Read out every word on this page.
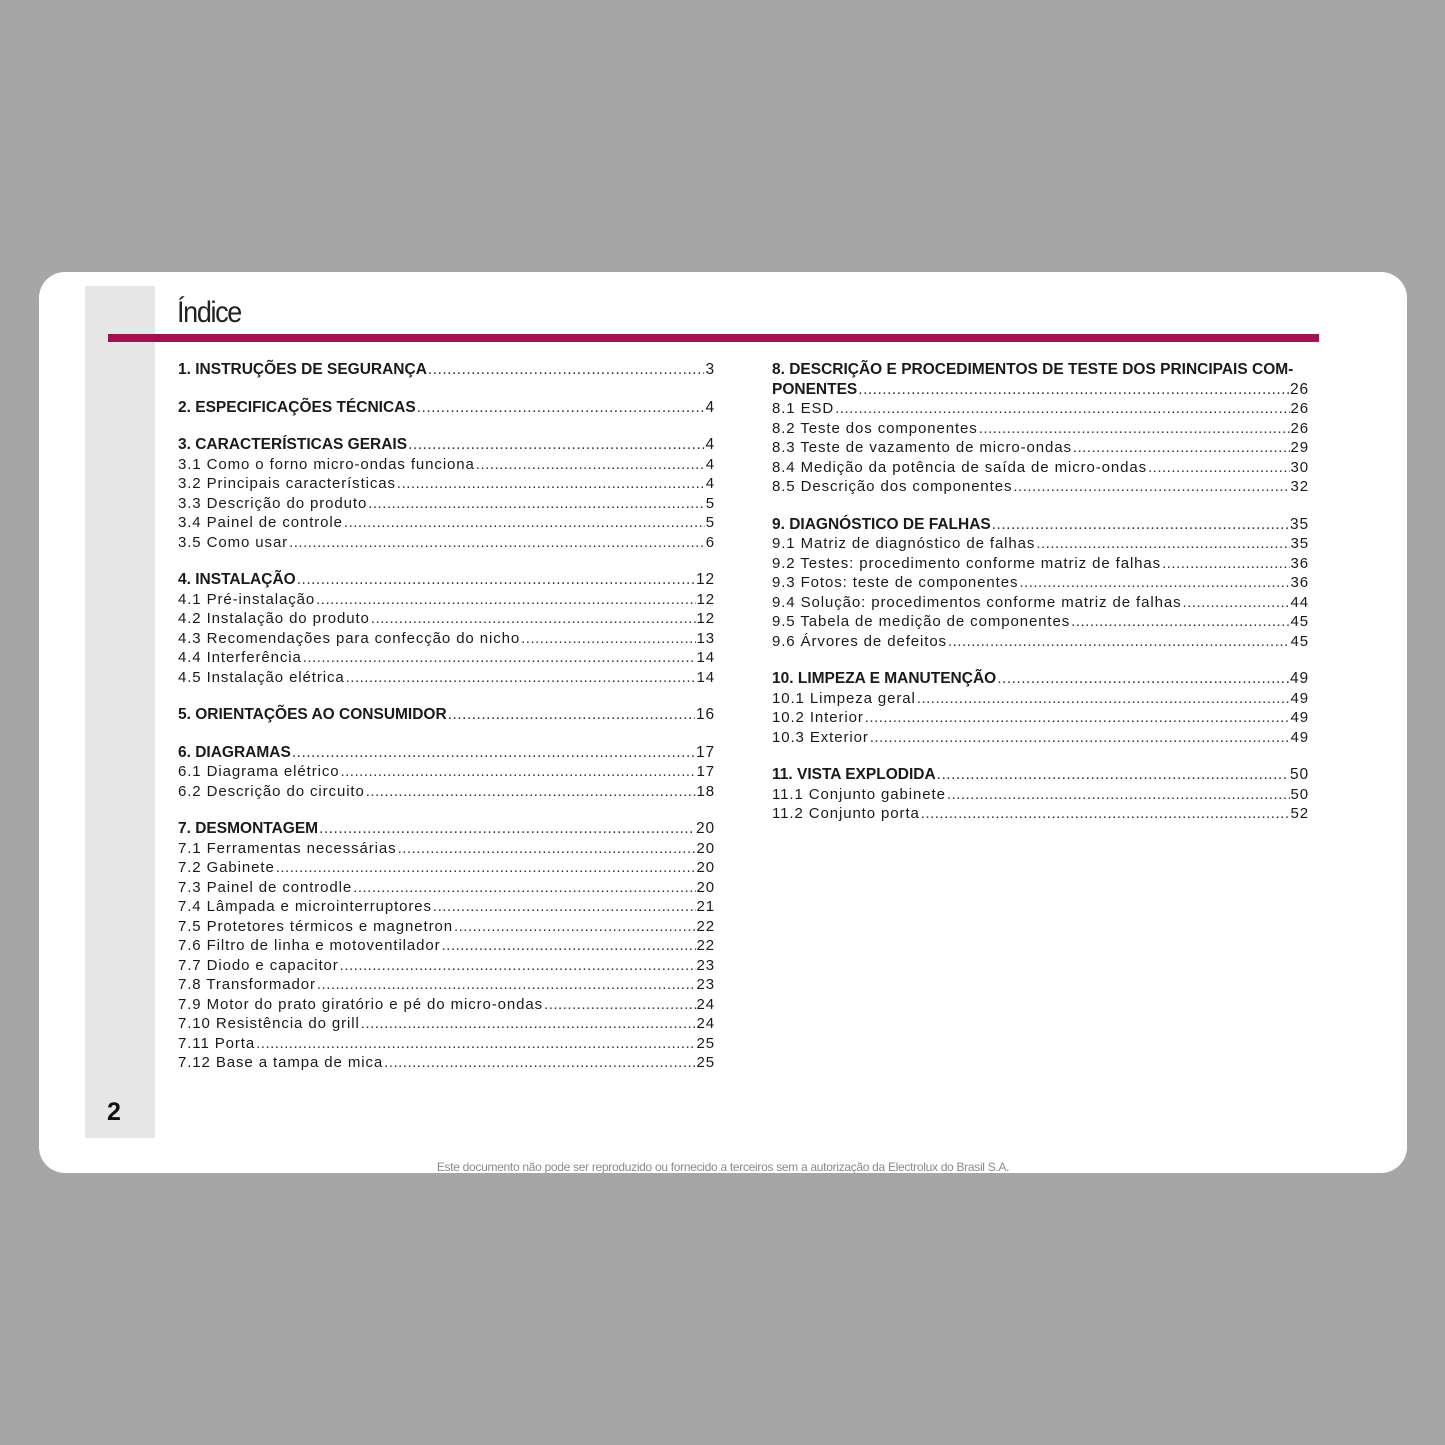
2
Índice
1. INSTRUÇÕES DE SEGURANÇA .....	3
2. ESPECIFICAÇÕES TÉCNICAS .....	4
3. CARACTERÍSTICAS GERAIS .....	4
3.1 Como o forno micro-ondas funciona .....	4
3.2 Principais características .....	4
3.3 Descrição do produto .....	5
3.4 Painel de controle .....	5
3.5 Como usar .....	6
4. INSTALAÇÃO .....	12
4.1 Pré-instalação .....	12
4.2 Instalação do produto .....	12
4.3 Recomendações para confecção do nicho .....	13
4.4 Interferência .....	14
4.5 Instalação elétrica .....	14
5. ORIENTAÇÕES AO CONSUMIDOR .....	16
6. DIAGRAMAS .....	17
6.1 Diagrama elétrico .....	17
6.2 Descrição do circuito .....	18
7. DESMONTAGEM .....	20
7.1 Ferramentas necessárias .....	20
7.2 Gabinete .....	20
7.3 Painel de controdle .....	20
7.4 Lâmpada e microinterruptores .....	21
7.5 Protetores térmicos e magnetron .....	22
7.6 Filtro de linha e motoventilador .....	22
7.7 Diodo e capacitor .....	23
7.8 Transformador .....	23
7.9 Motor do prato giratório e pé do micro-ondas .....	24
7.10 Resistência do grill .....	24
7.11 Porta .....	25
7.12 Base a tampa de mica .....	25
8. DESCRIÇÃO E PROCEDIMENTOS DE TESTE DOS PRINCIPAIS COM-
PONENTES .....	26
8.1 ESD .....	26
8.2 Teste dos componentes .....	26
8.3 Teste de vazamento de micro-ondas .....	29
8.4 Medição da potência de saída de micro-ondas .....	30
8.5 Descrição dos componentes .....	32
9. DIAGNÓSTICO DE FALHAS .....	35
9.1 Matriz de diagnóstico de falhas .....	35
9.2 Testes: procedimento conforme matriz de falhas .....	36
9.3 Fotos: teste de componentes .....	36
9.4 Solução: procedimentos conforme matriz de falhas .....	44
9.5 Tabela de medição de componentes .....	45
9.6 Árvores de defeitos .....	45
10. LIMPEZA E MANUTENÇÃO .....	49
10.1 Limpeza geral .....	49
10.2 Interior .....	49
10.3 Exterior .....	49
11. VISTA EXPLODIDA .....	50
11.1 Conjunto gabinete .....	50
11.2 Conjunto porta .....	52
Este documento não pode ser reproduzido ou fornecido a terceiros sem a autorização da Electrolux do Brasil S.A.
